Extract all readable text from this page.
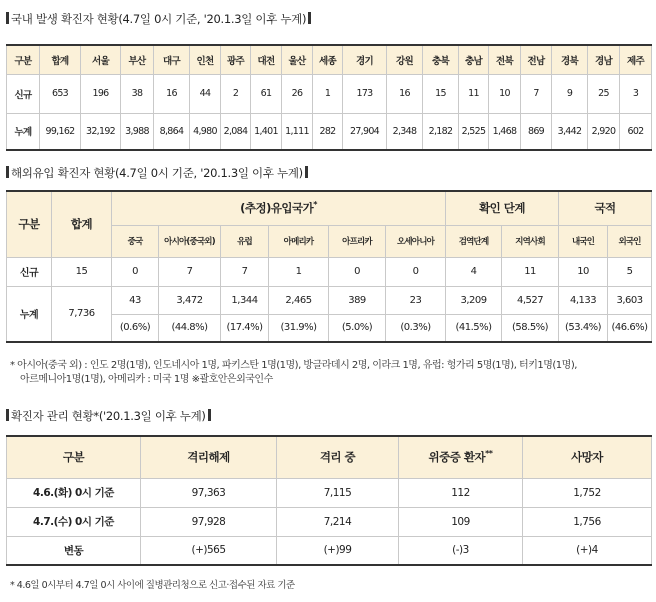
국내 발생 확진자 현황(4.7일 0시 기준, '20.1.3일 이후 누계)
구분	합계	서울	부산	대구	인천	광주	대전	울산	세종	경기	강원	충북	충남	전북	전남	경북	경남	제주
신규	653	196	38	16	44	2	61	26	1	173	16	15	11	10	7	9	25	3
누계	99,162	32,192	3,988	8,864	4,980	2,084	1,401	1,111	282	27,904	2,348	2,182	2,525	1,468	869	3,442	2,920	602
해외유입 확진자 현황(4.7일 0시 기준, '20.1.3일 이후 누계)
구분	합계	(추정)유입국가*						확인 단계		국적	
		중국	아시아(중국외)	유럽	아메리카	아프리카	오세아니아	검역단계	지역사회	내국인	외국인
신규	15	0	7	7	1	0	0	4	11	10	5
누계	7,736	43	3,472	1,344	2,465	389	23	3,209	4,527	4,133	3,603
		(0.6%)	(44.8%)	(17.4%)	(31.9%)	(5.0%)	(0.3%)	(41.5%)	(58.5%)	(53.4%)	(46.6%)
* 아시아(중국 외) : 인도 2명(1명), 인도네시아 1명, 파키스탄 1명(1명), 방글라데시 2명, 이라크 1명, 유럽: 헝가리 5명(1명), 터키1명(1명),
아르메니아1명(1명), 아메리카 : 미국 1명 ※괄호안은외국인수
확진자 관리 현황*('20.1.3일 이후 누계)
구분	격리해제	격리 중	위중증 환자**	사망자
4.6.(화) 0시 기준	97,363	7,115	112	1,752
4.7.(수) 0시 기준	97,928	7,214	109	1,756
변동	(+)565	(+)99	(-)3	(+)4
* 4.6일 0시부터 4.7일 0시 사이에 질병관리청으로 신고·접수된 자료 기준
